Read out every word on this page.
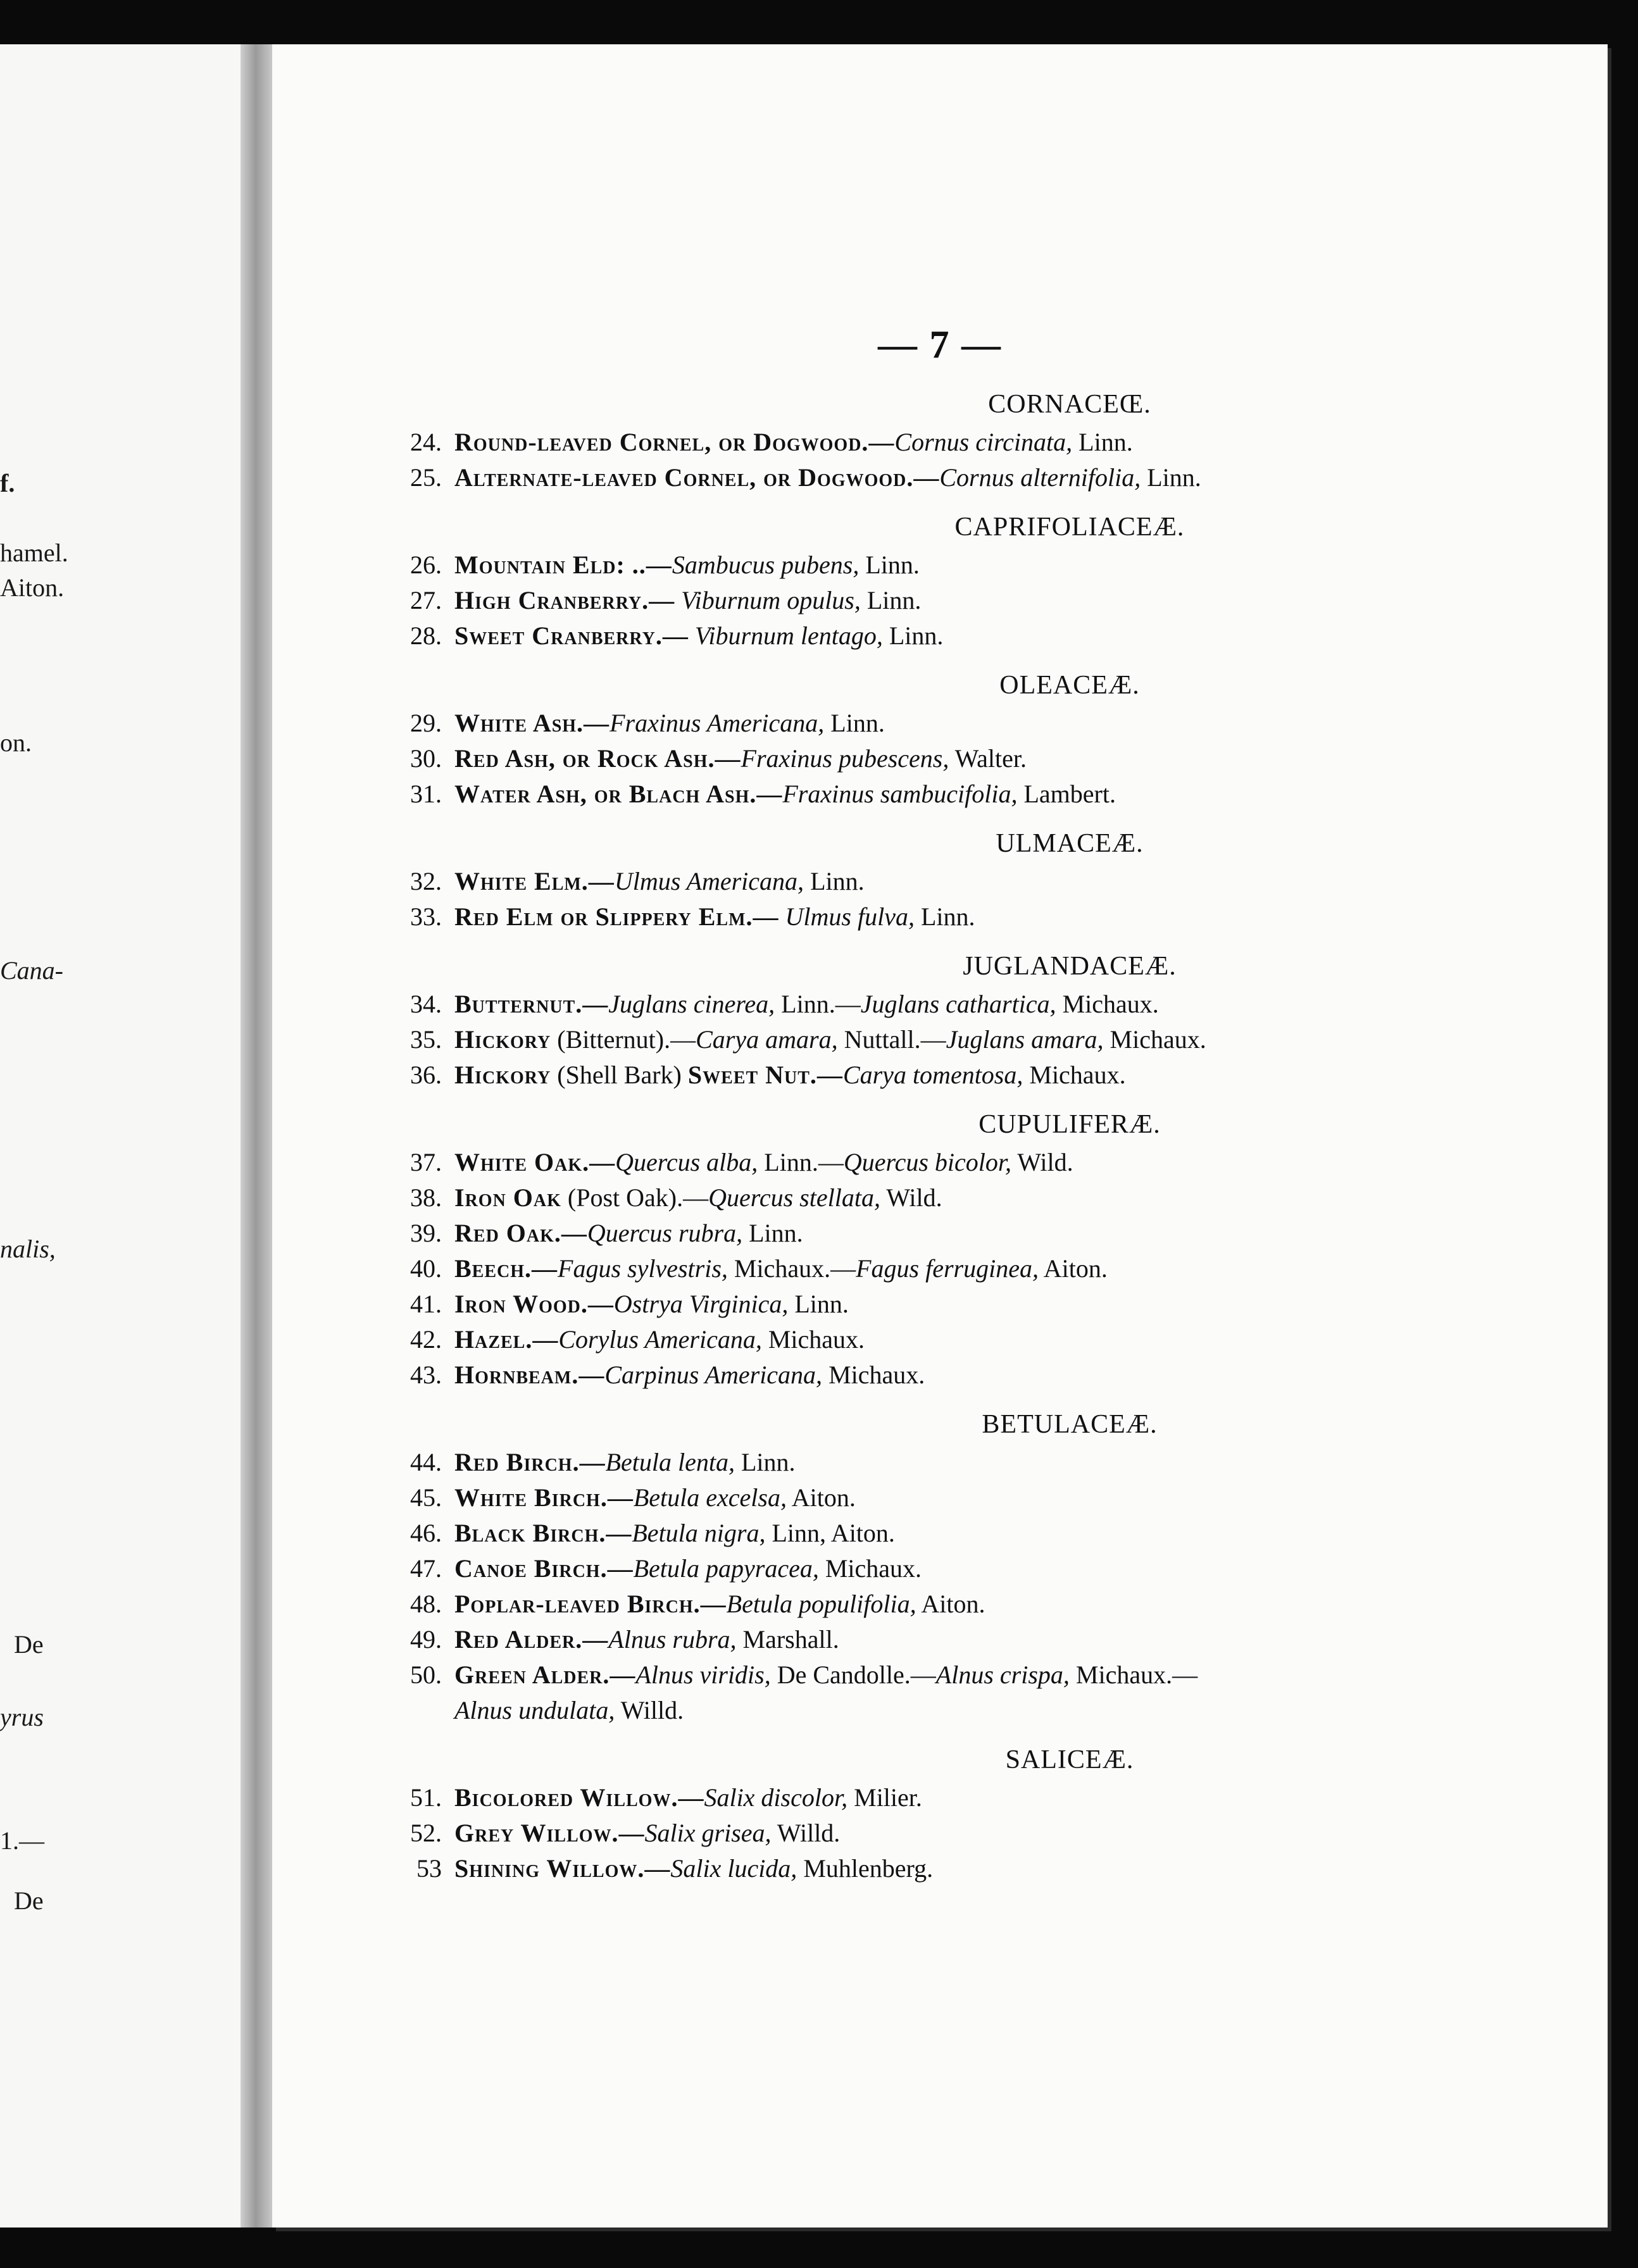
f.
hamel.
Aiton.
on.
Cana-
nalis,
De
yrus
1.—
De
— 7 —
CORNACEŒ.
24. Round-leaved Cornel, or Dogwood.—Cornus circinata, Linn.
25. Alternate-leaved Cornel, or Dogwood.—Cornus alternifolia, Linn.
CAPRIFOLIACEÆ.
26. Mountain Eld: ..—Sambucus pubens, Linn.
27. High Cranberry.— Viburnum opulus, Linn.
28. Sweet Cranberry.— Viburnum lentago, Linn.
OLEACEÆ.
29. White Ash.—Fraxinus Americana, Linn.
30. Red Ash, or Rock Ash.—Fraxinus pubescens, Walter.
31. Water Ash, or Blach Ash.—Fraxinus sambucifolia, Lambert.
ULMACEÆ.
32. White Elm.—Ulmus Americana, Linn.
33. Red Elm or Slippery Elm.— Ulmus fulva, Linn.
JUGLANDACEÆ.
34. Butternut.—Juglans cinerea, Linn.—Juglans cathartica, Michaux.
35. Hickory (Bitternut).—Carya amara, Nuttall.—Juglans amara, Michaux.
36. Hickory (Shell Bark) Sweet Nut.—Carya tomentosa, Michaux.
CUPULIFERÆ.
37. White Oak.—Quercus alba, Linn.—Quercus bicolor, Wild.
38. Iron Oak (Post Oak).—Quercus stellata, Wild.
39. Red Oak.—Quercus rubra, Linn.
40. Beech.—Fagus sylvestris, Michaux.—Fagus ferruginea, Aiton.
41. Iron Wood.—Ostrya Virginica, Linn.
42. Hazel.—Corylus Americana, Michaux.
43. Hornbeam.—Carpinus Americana, Michaux.
BETULACEÆ.
44. Red Birch.—Betula lenta, Linn.
45. White Birch.—Betula excelsa, Aiton.
46. Black Birch.—Betula nigra, Linn, Aiton.
47. Canoe Birch.—Betula papyracea, Michaux.
48. Poplar-leaved Birch.—Betula populifolia, Aiton.
49. Red Alder.—Alnus rubra, Marshall.
50. Green Alder.—Alnus viridis, De Candolle.—Alnus crispa, Michaux.—
Alnus undulata, Willd.
SALICEÆ.
51. Bicolored Willow.—Salix discolor, Milier.
52. Grey Willow.—Salix grisea, Willd.
53 Shining Willow.—Salix lucida, Muhlenberg.
